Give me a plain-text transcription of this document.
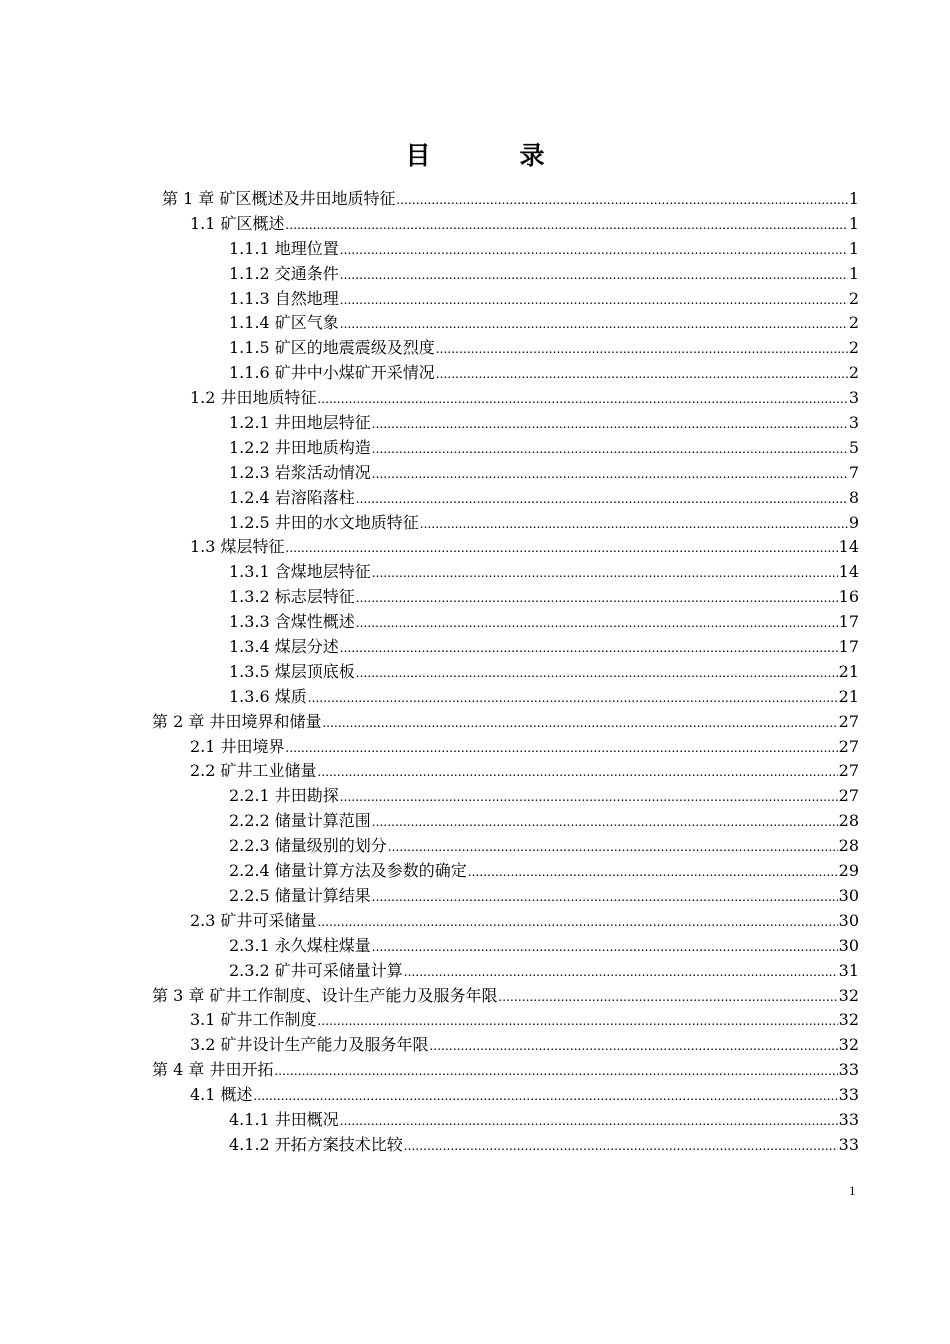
目　录
第 1 章 矿区概述及井田地质特征 .....	1
1.1 矿区概述 .....	1
1.1.1 地理位置 .....	1
1.1.2 交通条件 .....	1
1.1.3 自然地理 .....	2
1.1.4 矿区气象 .....	2
1.1.5 矿区的地震震级及烈度 .....	2
1.1.6 矿井中小煤矿开采情况 .....	2
1.2 井田地质特征 .....	3
1.2.1 井田地层特征 .....	3
1.2.2 井田地质构造 .....	5
1.2.3 岩浆活动情况 .....	7
1.2.4 岩溶陷落柱 .....	8
1.2.5 井田的水文地质特征 .....	9
1.3 煤层特征 .....	14
1.3.1 含煤地层特征 .....	14
1.3.2 标志层特征 .....	16
1.3.3 含煤性概述 .....	17
1.3.4 煤层分述 .....	17
1.3.5 煤层顶底板 .....	21
1.3.6 煤质 .....	21
第 2 章 井田境界和储量 .....	27
2.1 井田境界 .....	27
2.2 矿井工业储量 .....	27
2.2.1 井田勘探 .....	27
2.2.2 储量计算范围 .....	28
2.2.3 储量级别的划分 .....	28
2.2.4 储量计算方法及参数的确定 .....	29
2.2.5 储量计算结果 .....	30
2.3 矿井可采储量 .....	30
2.3.1 永久煤柱煤量 .....	30
2.3.2 矿井可采储量计算 .....	31
第 3 章 矿井工作制度、设计生产能力及服务年限 .....	32
3.1 矿井工作制度 .....	32
3.2 矿井设计生产能力及服务年限 .....	32
第 4 章 井田开拓 .....	33
4.1 概述 .....	33
4.1.1 井田概况 .....	33
4.1.2 开拓方案技术比较 .....	33
1
